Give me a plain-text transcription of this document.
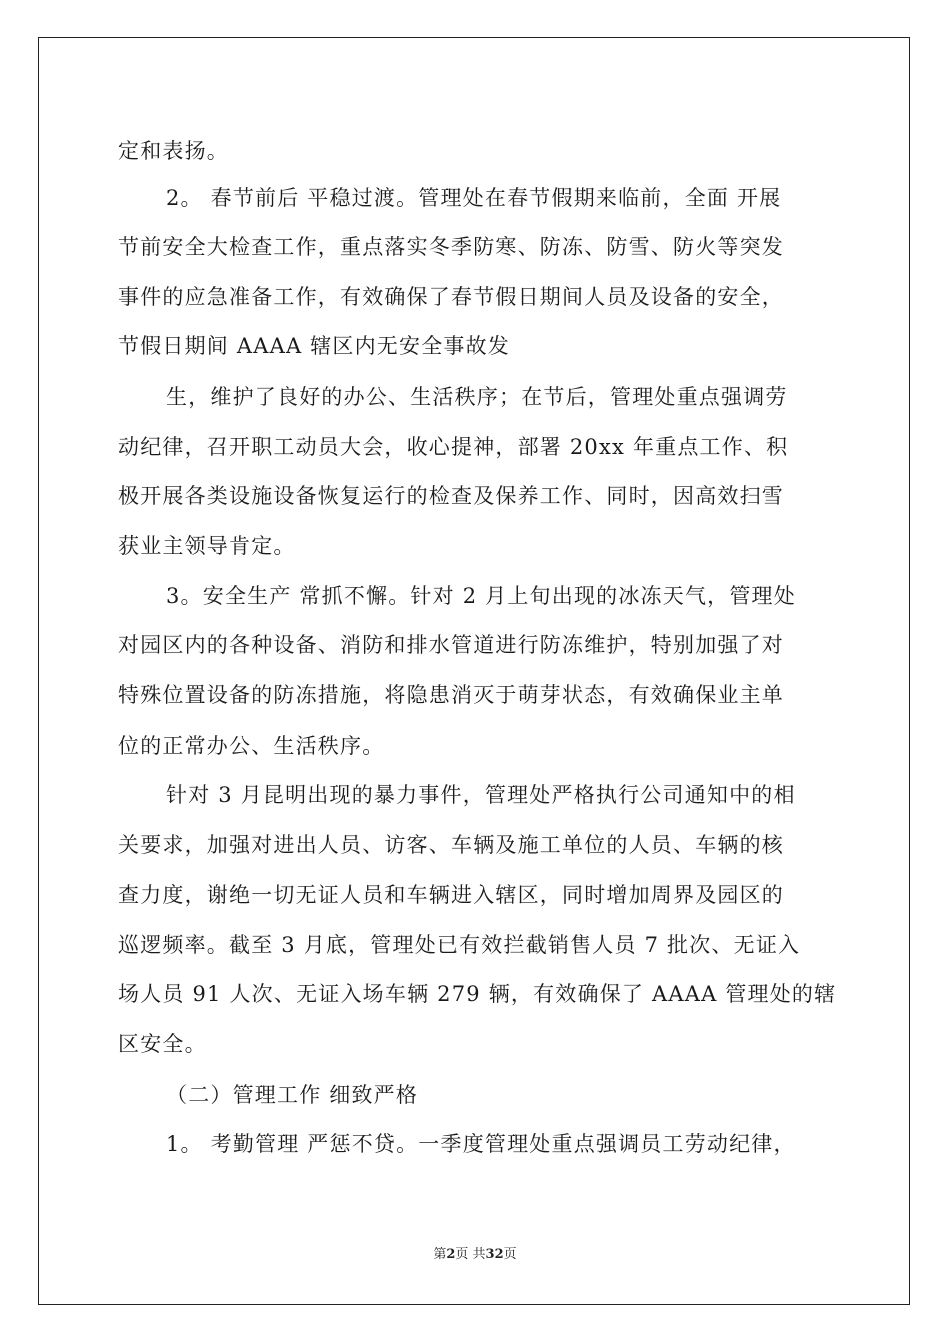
定和表扬。
2。 春节前后 平稳过渡。管理处在春节假期来临前，全面 开展
节前安全大检查工作，重点落实冬季防寒、防冻、防雪、防火等突发
事件的应急准备工作，有效确保了春节假日期间人员及设备的安全，
节假日期间 AAAA 辖区内无安全事故发
生，维护了良好的办公、生活秩序；在节后，管理处重点强调劳
动纪律，召开职工动员大会，收心提神，部署 20xx 年重点工作、积
极开展各类设施设备恢复运行的检查及保养工作、同时，因高效扫雪
获业主领导肯定。
3。安全生产 常抓不懈。针对 2 月上旬出现的冰冻天气，管理处
对园区内的各种设备、消防和排水管道进行防冻维护，特别加强了对
特殊位置设备的防冻措施，将隐患消灭于萌芽状态，有效确保业主单
位的正常办公、生活秩序。
针对 3 月昆明出现的暴力事件，管理处严格执行公司通知中的相
关要求，加强对进出人员、访客、车辆及施工单位的人员、车辆的核
查力度，谢绝一切无证人员和车辆进入辖区，同时增加周界及园区的
巡逻频率。截至 3 月底，管理处已有效拦截销售人员 7 批次、无证入
场人员 91 人次、无证入场车辆 279 辆，有效确保了 AAAA 管理处的辖
区安全。
（二）管理工作 细致严格
1。 考勤管理 严惩不贷。一季度管理处重点强调员工劳动纪律，
第2页 共32页
